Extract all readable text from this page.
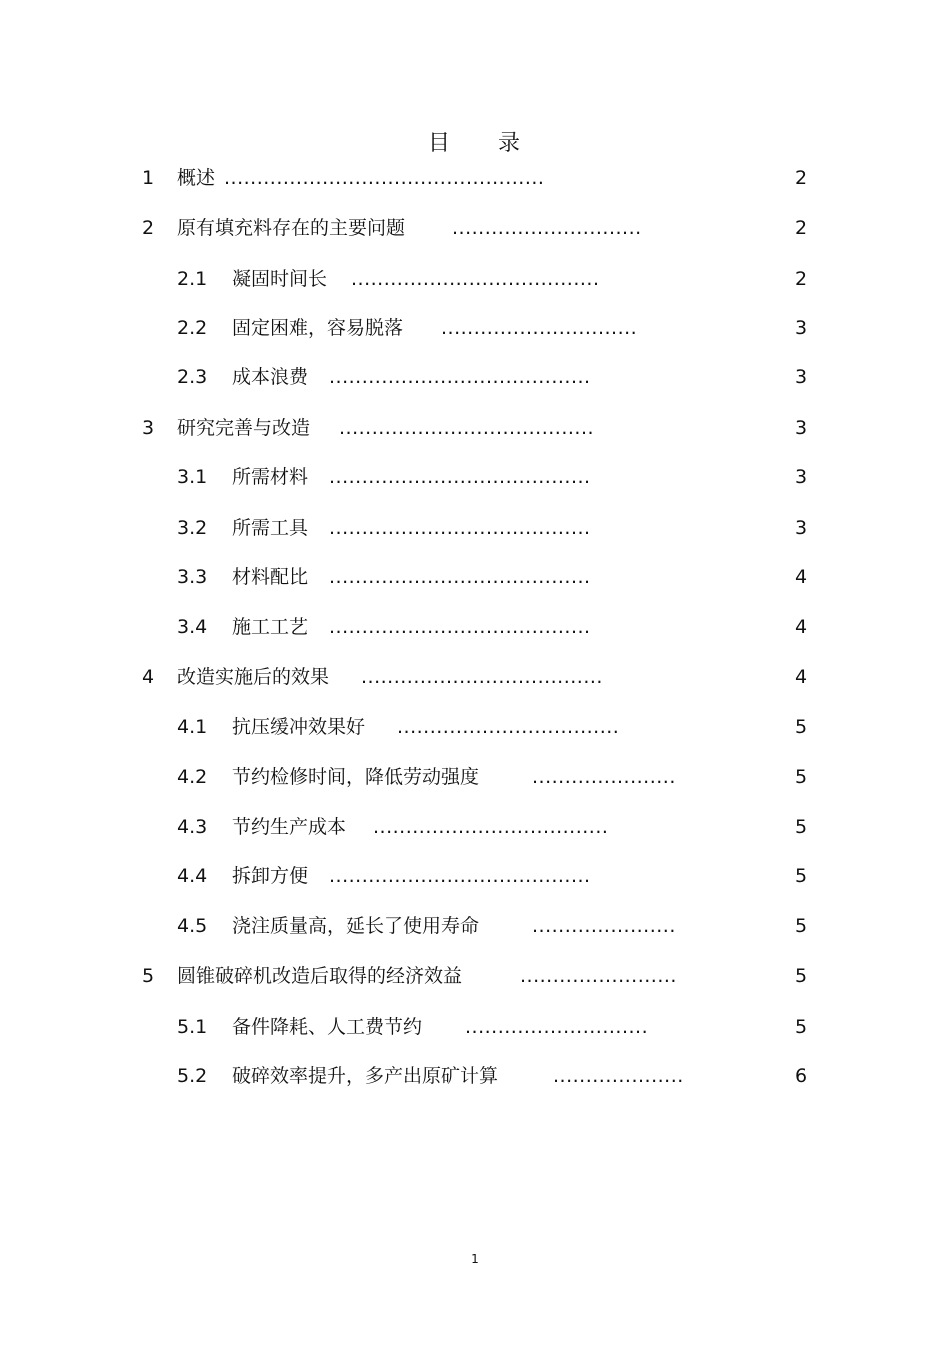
目 录
1 概述 .................................................	2
2 原有填充料存在的主要问题 .............................	2
2.1 凝固时间长 ......................................	2
2.2 固定困难，容易脱落 ..............................	3
2.3 成本浪费 ........................................	3
3 研究完善与改造 .......................................	3
3.1 所需材料 ........................................	3
3.2 所需工具 ........................................	3
3.3 材料配比 ........................................	4
3.4 施工工艺 ........................................	4
4 改造实施后的效果 .....................................	4
4.1 抗压缓冲效果好 ..................................	5
4.2 节约检修时间，降低劳动强度	......................	5
4.3 节约生产成本 ....................................	5
4.4 拆卸方便 ........................................	5
4.5 浇注质量高，延长了使用寿命	......................	5
5 圆锥破碎机改造后取得的经济效益	........................	5
5.1 备件降耗、人工费节约 ............................	5
5.2 破碎效率提升，多产出原矿计算	....................	6
1
